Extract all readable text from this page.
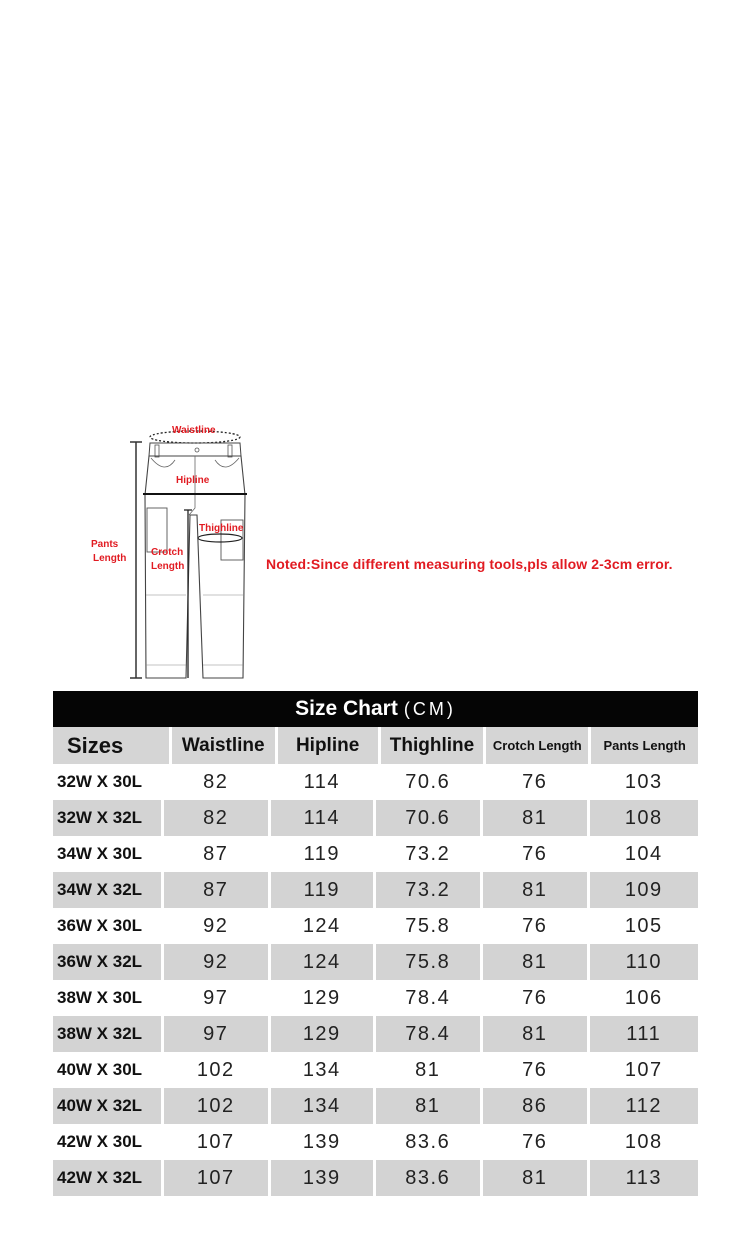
Waistline
Hipline
Thighline
Crotch
Length
Pants
Length	Noted:Since different measuring tools,pls allow 2-3cm error.
Size Chart (CM)
Sizes	Waistline	Hipline	Thighline	Crotch Length	Pants Length
32W X 30L	82	114	70.6	76	103
32W X 32L	82	114	70.6	81	108
34W X 30L	87	119	73.2	76	104
34W X 32L	87	119	73.2	81	109
36W X 30L	92	124	75.8	76	105
36W X 32L	92	124	75.8	81	110
38W X 30L	97	129	78.4	76	106
38W X 32L	97	129	78.4	81	111
40W X 30L	102	134	81	76	107
40W X 32L	102	134	81	86	112
42W X 30L	107	139	83.6	76	108
42W X 32L	107	139	83.6	81	113
